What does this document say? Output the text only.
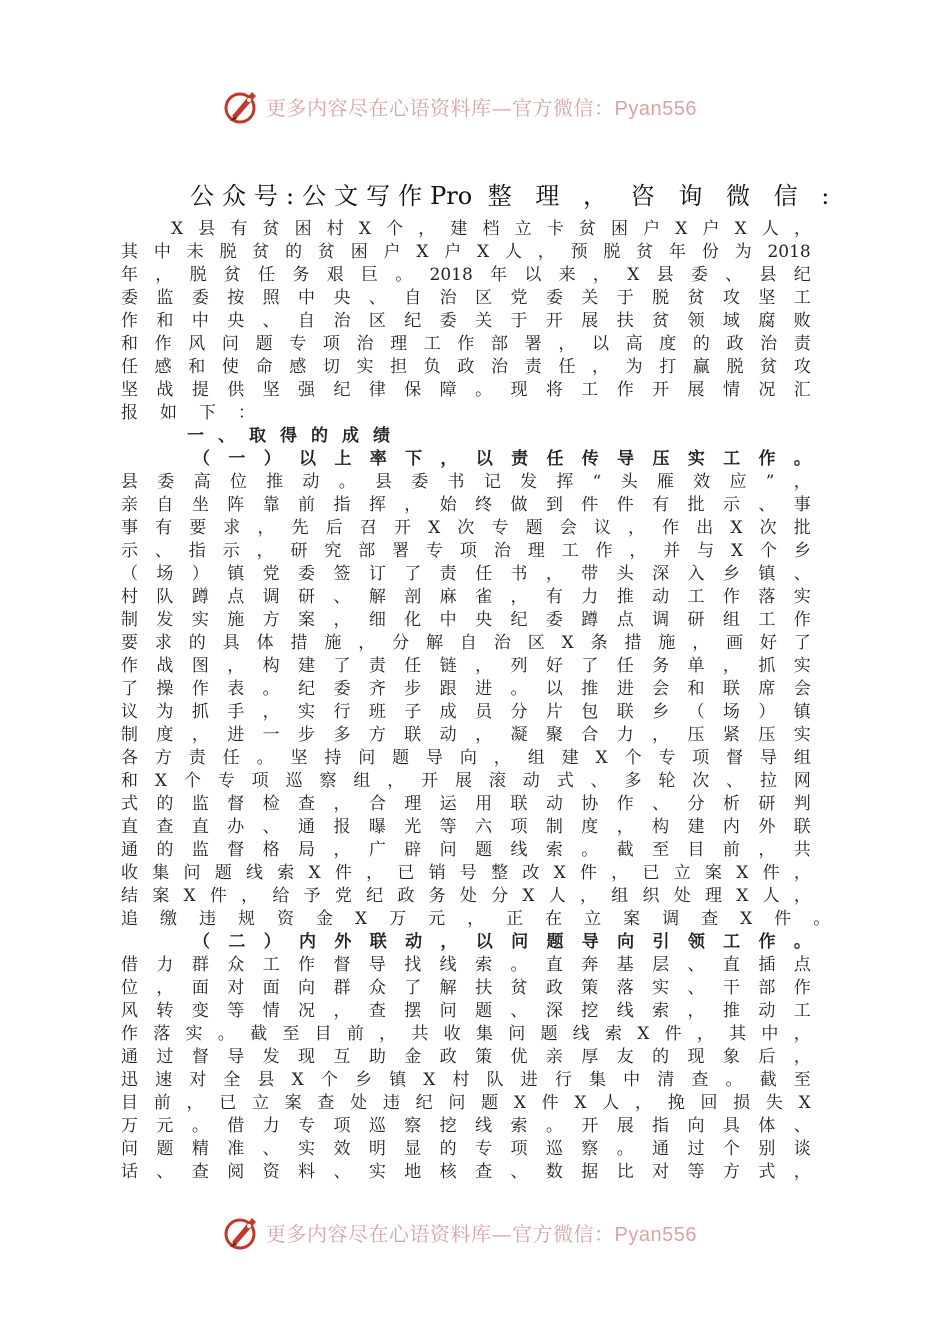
更多内容尽在心语资料库—官方微信：Pyan556
公众号:公文写作Pro 整 理 ， 咨 询 微 信 :
X 县 有 贫 困 村 X 个 ， 建 档 立 卡 贫 困 户 X 户 X 人 ，
其 中 未 脱 贫 的 贫 困 户 X 户 X 人 ， 预 脱 贫 年 份 为 2018
年 ， 脱 贫 任 务 艰 巨 。 2018 年 以 来 ， X 县 委 、 县 纪
委 监 委 按 照 中 央 、 自 治 区 党 委 关 于 脱 贫 攻 坚 工
作 和 中 央 、 自 治 区 纪 委 关 于 开 展 扶 贫 领 域 腐 败
和 作 风 问 题 专 项 治 理 工 作 部 署 ， 以 高 度 的 政 治 责
任 感 和 使 命 感 切 实 担 负 政 治 责 任 ， 为 打 赢 脱 贫 攻
坚 战 提 供 坚 强 纪 律 保 障 。 现 将 工 作 开 展 情 况 汇
报 如 下 ：
一 、 取 得 的 成 绩
（ 一 ） 以 上 率 下 ， 以 责 任 传 导 压 实 工 作 。
县 委 高 位 推 动 。 县 委 书 记 发 挥 “ 头 雁 效 应 ” ，
亲 自 坐 阵 靠 前 指 挥 ， 始 终 做 到 件 件 有 批 示 、 事
事 有 要 求 ， 先 后 召 开 X 次 专 题 会 议 ， 作 出 X 次 批
示 、 指 示 ， 研 究 部 署 专 项 治 理 工 作 ， 并 与 X 个 乡
（ 场 ） 镇 党 委 签 订 了 责 任 书 ， 带 头 深 入 乡 镇 、
村 队 蹲 点 调 研 、 解 剖 麻 雀 ， 有 力 推 动 工 作 落 实
制 发 实 施 方 案 ， 细 化 中 央 纪 委 蹲 点 调 研 组 工 作
要 求 的 具 体 措 施 ， 分 解 自 治 区 X 条 措 施 ， 画 好 了
作 战 图 ， 构 建 了 责 任 链 ， 列 好 了 任 务 单 ， 抓 实
了 操 作 表 。 纪 委 齐 步 跟 进 。 以 推 进 会 和 联 席 会
议 为 抓 手 ， 实 行 班 子 成 员 分 片 包 联 乡 （ 场 ） 镇
制 度 ， 进 一 步 多 方 联 动 ， 凝 聚 合 力 ， 压 紧 压 实
各 方 责 任 。 坚 持 问 题 导 向 ， 组 建 X 个 专 项 督 导 组
和 X 个 专 项 巡 察 组 ， 开 展 滚 动 式 、 多 轮 次 、 拉 网
式 的 监 督 检 查 ， 合 理 运 用 联 动 协 作 、 分 析 研 判
直 查 直 办 、 通 报 曝 光 等 六 项 制 度 ， 构 建 内 外 联
通 的 监 督 格 局 ， 广 辟 问 题 线 索 。 截 至 目 前 ， 共
收 集 问 题 线 索 X 件 ， 已 销 号 整 改 X 件 ， 已 立 案 X 件 ，
结 案 X 件 ， 给 予 党 纪 政 务 处 分 X 人 ， 组 织 处 理 X 人 ，
追 缴 违 规 资 金 X 万 元 ， 正 在 立 案 调 查 X 件 。
（ 二 ） 内 外 联 动 ， 以 问 题 导 向 引 领 工 作 。
借 力 群 众 工 作 督 导 找 线 索 。 直 奔 基 层 、 直 插 点
位 ， 面 对 面 向 群 众 了 解 扶 贫 政 策 落 实 、 干 部 作
风 转 变 等 情 况 ， 查 摆 问 题 、 深 挖 线 索 ， 推 动 工
作 落 实 。 截 至 目 前 ， 共 收 集 问 题 线 索 X 件 ， 其 中 ，
通 过 督 导 发 现 互 助 金 政 策 优 亲 厚 友 的 现 象 后 ，
迅 速 对 全 县 X 个 乡 镇 X 村 队 进 行 集 中 清 查 。 截 至
目 前 ， 已 立 案 查 处 违 纪 问 题 X 件 X 人 ， 挽 回 损 失 X
万 元 。 借 力 专 项 巡 察 挖 线 索 。 开 展 指 向 具 体 、
问 题 精 准 、 实 效 明 显 的 专 项 巡 察 。 通 过 个 别 谈
话 、 查 阅 资 料 、 实 地 核 查 、 数 据 比 对 等 方 式 ，
更多内容尽在心语资料库—官方微信：Pyan556
